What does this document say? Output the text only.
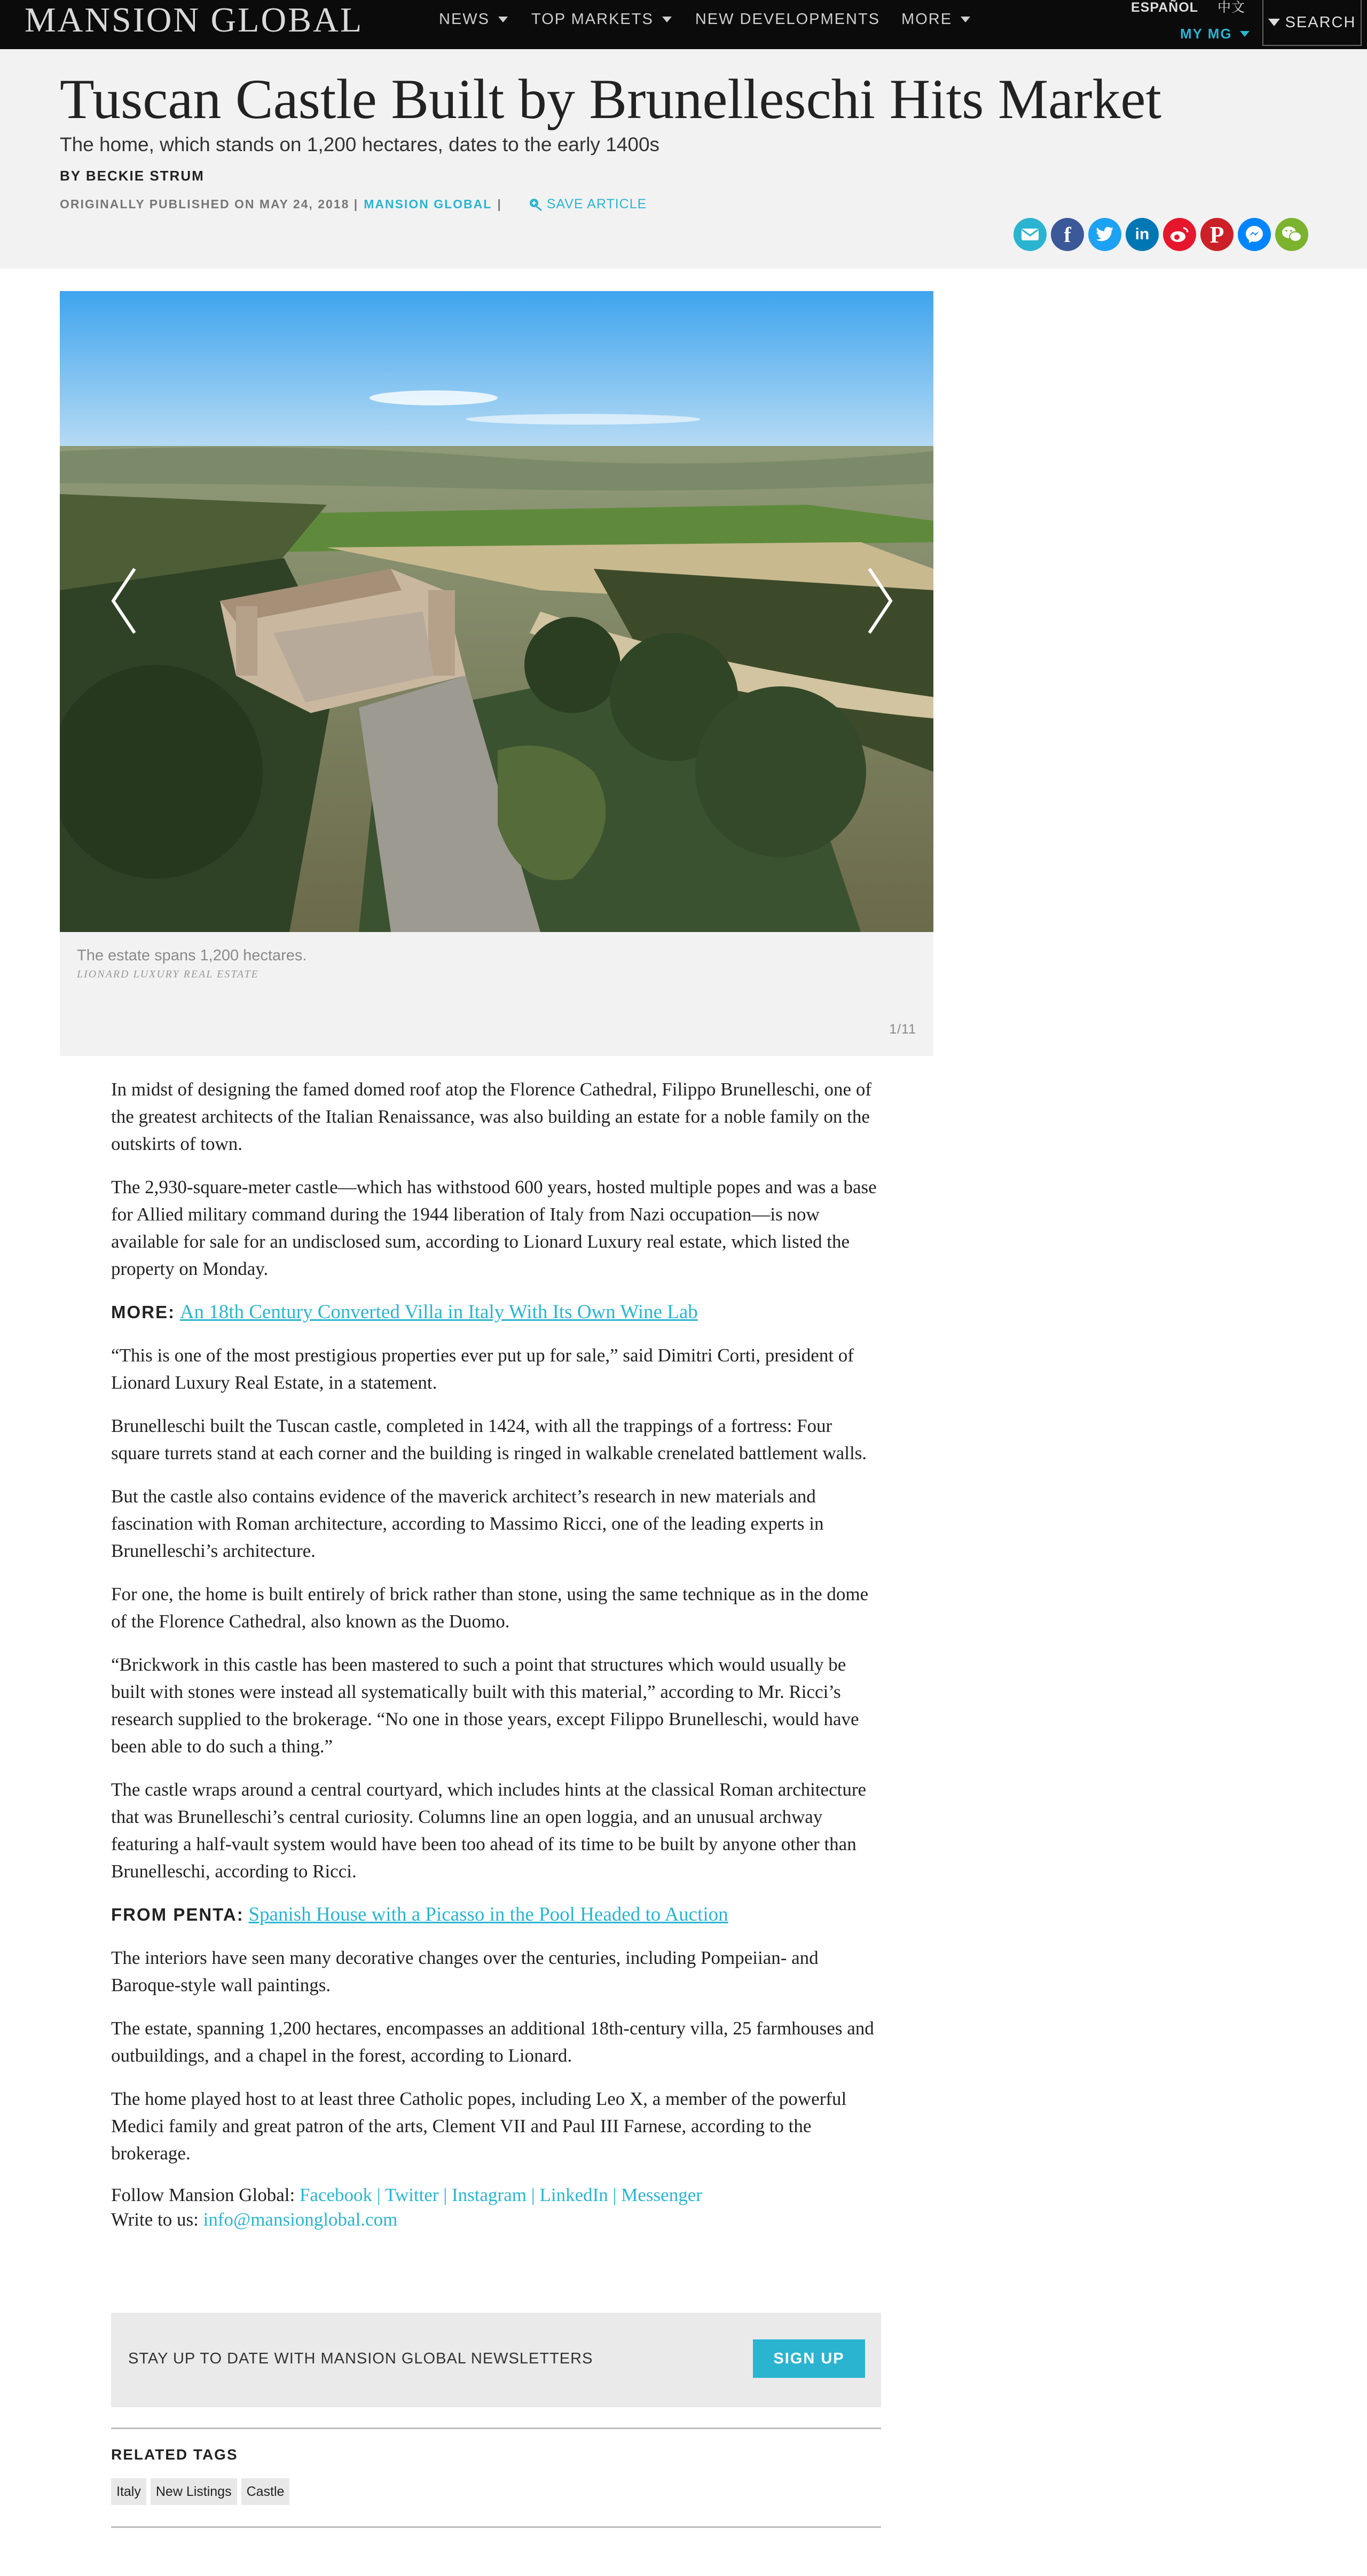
MANSION GLOBAL	NEWS	TOP MARKETS	NEW DEVELOPMENTS MORE
ESPAÑOL 中文
MY MG
SEARCH
Tuscan Castle Built by Brunelleschi Hits Market
The home, which stands on 1,200 hectares, dates to the early 1400s
BY BECKIE STRUM
ORIGINALLY PUBLISHED ON MAY 24, 2018 | MANSION GLOBAL |	SAVE ARTICLE
f	in	P
The estate spans 1,200 hectares.
LIONARD LUXURY REAL ESTATE
1/11

In midst of designing the famed domed roof atop the Florence Cathedral, Filippo Brunelleschi, one of the greatest architects of the Italian Renaissance, was also building an estate for a noble family on the outskirts of town.

The 2,930-square-meter castle—which has withstood 600 years, hosted multiple popes and was a base for Allied military command during the 1944 liberation of Italy from Nazi occupation—is now available for sale for an undisclosed sum, according to Lionard Luxury real estate, which listed the property on Monday.

MORE: An 18th Century Converted Villa in Italy With Its Own Wine Lab

“This is one of the most prestigious properties ever put up for sale,” said Dimitri Corti, president of Lionard Luxury Real Estate, in a statement.

Brunelleschi built the Tuscan castle, completed in 1424, with all the trappings of a fortress: Four square turrets stand at each corner and the building is ringed in walkable crenelated battlement walls.

But the castle also contains evidence of the maverick architect’s research in new materials and fascination with Roman architecture, according to Massimo Ricci, one of the leading experts in Brunelleschi’s architecture.

For one, the home is built entirely of brick rather than stone, using the same technique as in the dome of the Florence Cathedral, also known as the Duomo.

“Brickwork in this castle has been mastered to such a point that structures which would usually be built with stones were instead all systematically built with this material,” according to Mr. Ricci’s research supplied to the brokerage. “No one in those years, except Filippo Brunelleschi, would have been able to do such a thing.”

The castle wraps around a central courtyard, which includes hints at the classical Roman architecture that was Brunelleschi’s central curiosity. Columns line an open loggia, and an unusual archway featuring a half-vault system would have been too ahead of its time to be built by anyone other than Brunelleschi, according to Ricci.

FROM PENTA: Spanish House with a Picasso in the Pool Headed to Auction

The interiors have seen many decorative changes over the centuries, including Pompeiian- and Baroque-style wall paintings.

The estate, spanning 1,200 hectares, encompasses an additional 18th-century villa, 25 farmhouses and outbuildings, and a chapel in the forest, according to Lionard.

The home played host to at least three Catholic popes, including Leo X, a member of the powerful Medici family and great patron of the arts, Clement VII and Paul III Farnese, according to the brokerage.

Follow Mansion Global: Facebook | Twitter | Instagram | LinkedIn | Messenger

Write to us: info@mansionglobal.com

STAY UP TO DATE WITH MANSION GLOBAL NEWSLETTERS	SIGN UP
RELATED TAGS
Italy	New Listings	Castle
